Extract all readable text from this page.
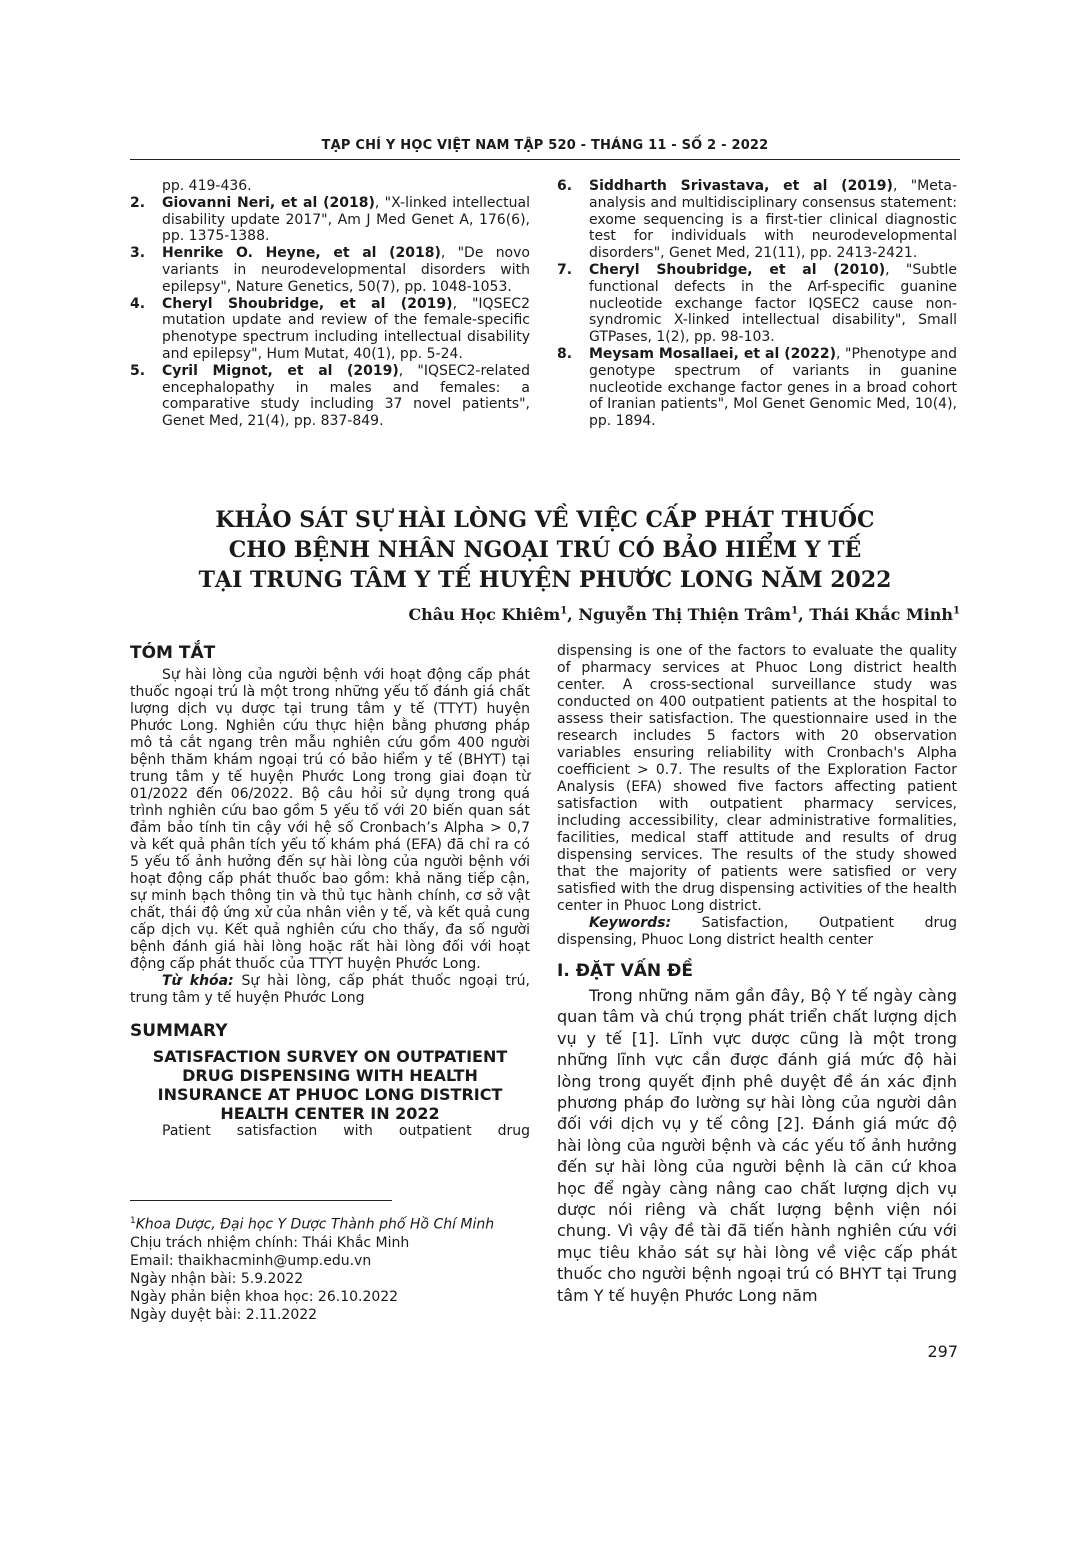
TẠP CHÍ Y HỌC VIỆT NAM TẬP 520 - THÁNG 11 - SỐ 2 - 2022
pp. 419-436.
2.	Giovanni Neri, et al (2018), "X-linked intellectual disability update 2017", Am J Med Genet A, 176(6), pp. 1375-1388.
3.	Henrike O. Heyne, et al (2018), "De novo variants in neurodevelopmental disorders with epilepsy", Nature Genetics, 50(7), pp. 1048-1053.
4.	Cheryl Shoubridge, et al (2019), "IQSEC2 mutation update and review of the female-specific phenotype spectrum including intellectual disability and epilepsy", Hum Mutat, 40(1), pp. 5-24.
5.	Cyril Mignot, et al (2019), "IQSEC2-related encephalopathy in males and females: a comparative study including 37 novel patients", Genet Med, 21(4), pp. 837-849.
6.	Siddharth Srivastava, et al (2019), "Meta-analysis and multidisciplinary consensus statement: exome sequencing is a first-tier clinical diagnostic test for individuals with neurodevelopmental disorders", Genet Med, 21(11), pp. 2413-2421.
7.	Cheryl Shoubridge, et al (2010), "Subtle functional defects in the Arf-specific guanine nucleotide exchange factor IQSEC2 cause non-syndromic X-linked intellectual disability", Small GTPases, 1(2), pp. 98-103.
8.	Meysam Mosallaei, et al (2022), "Phenotype and genotype spectrum of variants in guanine nucleotide exchange factor genes in a broad cohort of Iranian patients", Mol Genet Genomic Med, 10(4), pp. 1894.
KHẢO SÁT SỰ HÀI LÒNG VỀ VIỆC CẤP PHÁT THUỐC
CHO BỆNH NHÂN NGOẠI TRÚ CÓ BẢO HIỂM Y TẾ
TẠI TRUNG TÂM Y TẾ HUYỆN PHƯỚC LONG NĂM 2022
Châu Học Khiêm$^1$, Nguyễn Thị Thiện Trâm$^1$, Thái Khắc Minh$^1$
TÓM TẮT
Sự hài lòng của người bệnh với hoạt động cấp phát thuốc ngoại trú là một trong những yếu tố đánh giá chất lượng dịch vụ dược tại trung tâm y tế (TTYT) huyện Phước Long. Nghiên cứu thực hiện bằng phương pháp mô tả cắt ngang trên mẫu nghiên cứu gồm 400 người bệnh thăm khám ngoại trú có bảo hiểm y tế (BHYT) tại trung tâm y tế huyện Phước Long trong giai đoạn từ 01/2022 đến 06/2022. Bộ câu hỏi sử dụng trong quá trình nghiên cứu bao gồm 5 yếu tố với 20 biến quan sát đảm bảo tính tin cậy với hệ số Cronbach’s Alpha > 0,7 và kết quả phân tích yếu tố khám phá (EFA) đã chỉ ra có 5 yếu tố ảnh hưởng đến sự hài lòng của người bệnh với hoạt động cấp phát thuốc bao gồm: khả năng tiếp cận, sự minh bạch thông tin và thủ tục hành chính, cơ sở vật chất, thái độ ứng xử của nhân viên y tế, và kết quả cung cấp dịch vụ. Kết quả nghiên cứu cho thấy, đa số người bệnh đánh giá hài lòng hoặc rất hài lòng đối với hoạt động cấp phát thuốc của TTYT huyện Phước Long.
Từ khóa: Sự hài lòng, cấp phát thuốc ngoại trú, trung tâm y tế huyện Phước Long
SUMMARY
SATISFACTION SURVEY ON OUTPATIENT DRUG DISPENSING WITH HEALTH INSURANCE AT PHUOC LONG DISTRICT HEALTH CENTER IN 2022
Patient satisfaction with outpatient drug
$^1$Khoa Dược, Đại học Y Dược Thành phố Hồ Chí Minh
Chịu trách nhiệm chính: Thái Khắc Minh
Email: thaikhacminh@ump.edu.vn
Ngày nhận bài: 5.9.2022
Ngày phản biện khoa học: 26.10.2022
Ngày duyệt bài: 2.11.2022
dispensing is one of the factors to evaluate the quality of pharmacy services at Phuoc Long district health center. A cross-sectional surveillance study was conducted on 400 outpatient patients at the hospital to assess their satisfaction. The questionnaire used in the research includes 5 factors with 20 observation variables ensuring reliability with Cronbach's Alpha coefficient > 0.7. The results of the Exploration Factor Analysis (EFA) showed five factors affecting patient satisfaction with outpatient pharmacy services, including accessibility, clear administrative formalities, facilities, medical staff attitude and results of drug dispensing services. The results of the study showed that the majority of patients were satisfied or very satisfied with the drug dispensing activities of the health center in Phuoc Long district.
Keywords: Satisfaction, Outpatient drug dispensing, Phuoc Long district health center
I. ĐẶT VẤN ĐỀ
Trong những năm gần đây, Bộ Y tế ngày càng quan tâm và chú trọng phát triển chất lượng dịch vụ y tế [1]. Lĩnh vực dược cũng là một trong những lĩnh vực cần được đánh giá mức độ hài lòng trong quyết định phê duyệt đề án xác định phương pháp đo lường sự hài lòng của người dân đối với dịch vụ y tế công [2]. Đánh giá mức độ hài lòng của người bệnh và các yếu tố ảnh hưởng đến sự hài lòng của người bệnh là căn cứ khoa học để ngày càng nâng cao chất lượng dịch vụ dược nói riêng và chất lượng bệnh viện nói chung. Vì vậy đề tài đã tiến hành nghiên cứu với mục tiêu khảo sát sự hài lòng về việc cấp phát thuốc cho người bệnh ngoại trú có BHYT tại Trung tâm Y tế huyện Phước Long năm
297
